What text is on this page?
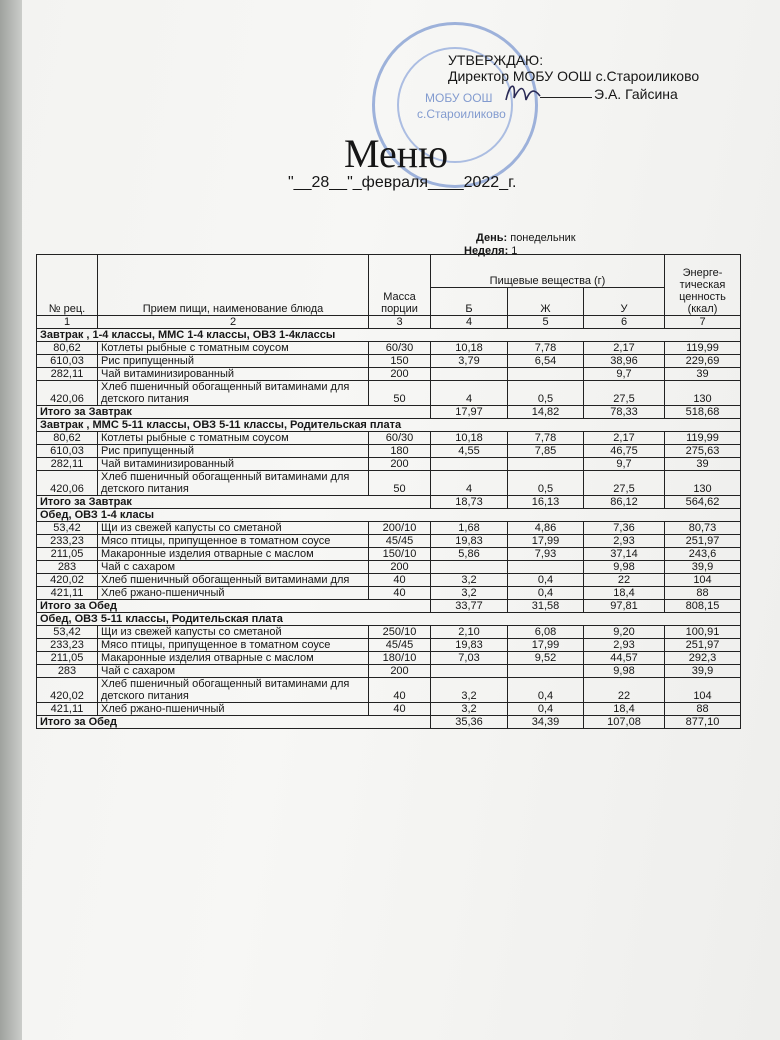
МОБУ ООШ
с.Староиликово
УТВЕРЖДАЮ:
Директор МОБУ ООШ с.Староиликово
Э.А. Гайсина
Меню
"__28__"_февраля____2022_г.
День: понедельник
Неделя: 1
№ рец.	Прием пищи, наименование блюда	Масса порции	Пищевые вещества (г)			Энерге-тическая ценность (ккал)
			Б	Ж	У	
1	2	3	4	5	6	7
Завтрак , 1-4 классы, ММС 1-4 классы, ОВЗ 1-4классы						
80,62	Котлеты рыбные с томатным соусом	60/30	10,18	7,78	2,17	119,99
610,03	Рис припущенный	150	3,79	6,54	38,96	229,69
282,11	Чай витаминизированный	200			9,7	39
420,06	Хлеб пшеничный обогащенный витаминами для детского питания	50	4	0,5	27,5	130
Итого за Завтрак			17,97	14,82	78,33	518,68
Завтрак , ММС 5-11 классы, ОВЗ 5-11 классы, Родительская плата						
80,62	Котлеты рыбные с томатным соусом	60/30	10,18	7,78	2,17	119,99
610,03	Рис припущенный	180	4,55	7,85	46,75	275,63
282,11	Чай витаминизированный	200			9,7	39
420,06	Хлеб пшеничный обогащенный витаминами для детского питания	50	4	0,5	27,5	130
Итого за Завтрак			18,73	16,13	86,12	564,62
Обед, ОВЗ 1-4 класы						
53,42	Щи из свежей капусты со сметаной	200/10	1,68	4,86	7,36	80,73
233,23	Мясо птицы, припущенное в томатном соусе	45/45	19,83	17,99	2,93	251,97
211,05	Макаронные изделия отварные с маслом	150/10	5,86	7,93	37,14	243,6
283	Чай с сахаром	200			9,98	39,9
420,02	Хлеб пшеничный обогащенный витаминами для	40	3,2	0,4	22	104
421,11	Хлеб ржано-пшеничный	40	3,2	0,4	18,4	88
Итого за Обед			33,77	31,58	97,81	808,15
Обед, ОВЗ 5-11 классы, Родительская плата						
53,42	Щи из свежей капусты со сметаной	250/10	2,10	6,08	9,20	100,91
233,23	Мясо птицы, припущенное в томатном соусе	45/45	19,83	17,99	2,93	251,97
211,05	Макаронные изделия отварные с маслом	180/10	7,03	9,52	44,57	292,3
283	Чай с сахаром	200			9,98	39,9
420,02	Хлеб пшеничный обогащенный витаминами для детского питания	40	3,2	0,4	22	104
421,11	Хлеб ржано-пшеничный	40	3,2	0,4	18,4	88
Итого за Обед			35,36	34,39	107,08	877,10
